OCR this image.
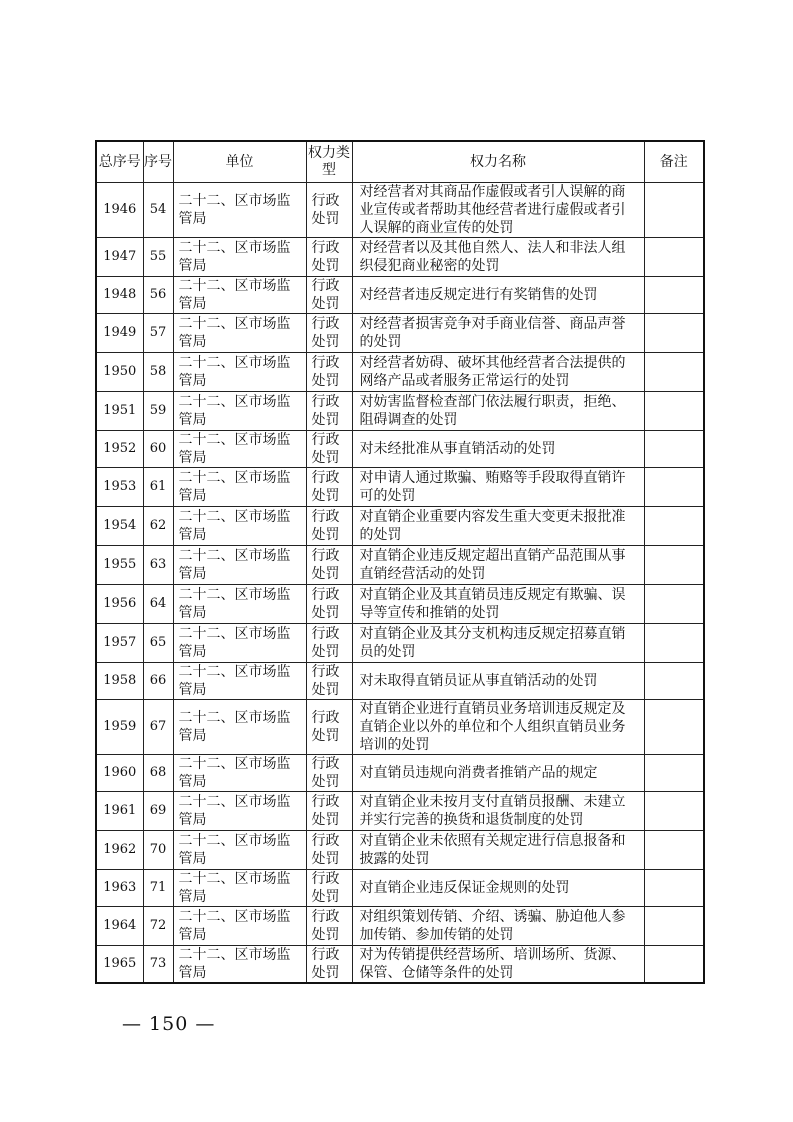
总序号	序号	单位	权力类型	权力名称	备注
1946	54	二十二、区市场监管局	行政处罚	对经营者对其商品作虚假或者引人误解的商业宣传或者帮助其他经营者进行虚假或者引人误解的商业宣传的处罚	
1947	55	二十二、区市场监管局	行政处罚	对经营者以及其他自然人、法人和非法人组织侵犯商业秘密的处罚	
1948	56	二十二、区市场监管局	行政处罚	对经营者违反规定进行有奖销售的处罚	
1949	57	二十二、区市场监管局	行政处罚	对经营者损害竞争对手商业信誉、商品声誉的处罚	
1950	58	二十二、区市场监管局	行政处罚	对经营者妨碍、破坏其他经营者合法提供的网络产品或者服务正常运行的处罚	
1951	59	二十二、区市场监管局	行政处罚	对妨害监督检查部门依法履行职责，拒绝、阻碍调查的处罚	
1952	60	二十二、区市场监管局	行政处罚	对未经批准从事直销活动的处罚	
1953	61	二十二、区市场监管局	行政处罚	对申请人通过欺骗、贿赂等手段取得直销许可的处罚	
1954	62	二十二、区市场监管局	行政处罚	对直销企业重要内容发生重大变更未报批准的处罚	
1955	63	二十二、区市场监管局	行政处罚	对直销企业违反规定超出直销产品范围从事直销经营活动的处罚	
1956	64	二十二、区市场监管局	行政处罚	对直销企业及其直销员违反规定有欺骗、误导等宣传和推销的处罚	
1957	65	二十二、区市场监管局	行政处罚	对直销企业及其分支机构违反规定招募直销员的处罚	
1958	66	二十二、区市场监管局	行政处罚	对未取得直销员证从事直销活动的处罚	
1959	67	二十二、区市场监管局	行政处罚	对直销企业进行直销员业务培训违反规定及直销企业以外的单位和个人组织直销员业务培训的处罚	
1960	68	二十二、区市场监管局	行政处罚	对直销员违规向消费者推销产品的规定	
1961	69	二十二、区市场监管局	行政处罚	对直销企业未按月支付直销员报酬、未建立并实行完善的换货和退货制度的处罚	
1962	70	二十二、区市场监管局	行政处罚	对直销企业未依照有关规定进行信息报备和披露的处罚	
1963	71	二十二、区市场监管局	行政处罚	对直销企业违反保证金规则的处罚	
1964	72	二十二、区市场监管局	行政处罚	对组织策划传销、介绍、诱骗、胁迫他人参加传销、参加传销的处罚	
1965	73	二十二、区市场监管局	行政处罚	对为传销提供经营场所、培训场所、货源、保管、仓储等条件的处罚	
— 150 —
